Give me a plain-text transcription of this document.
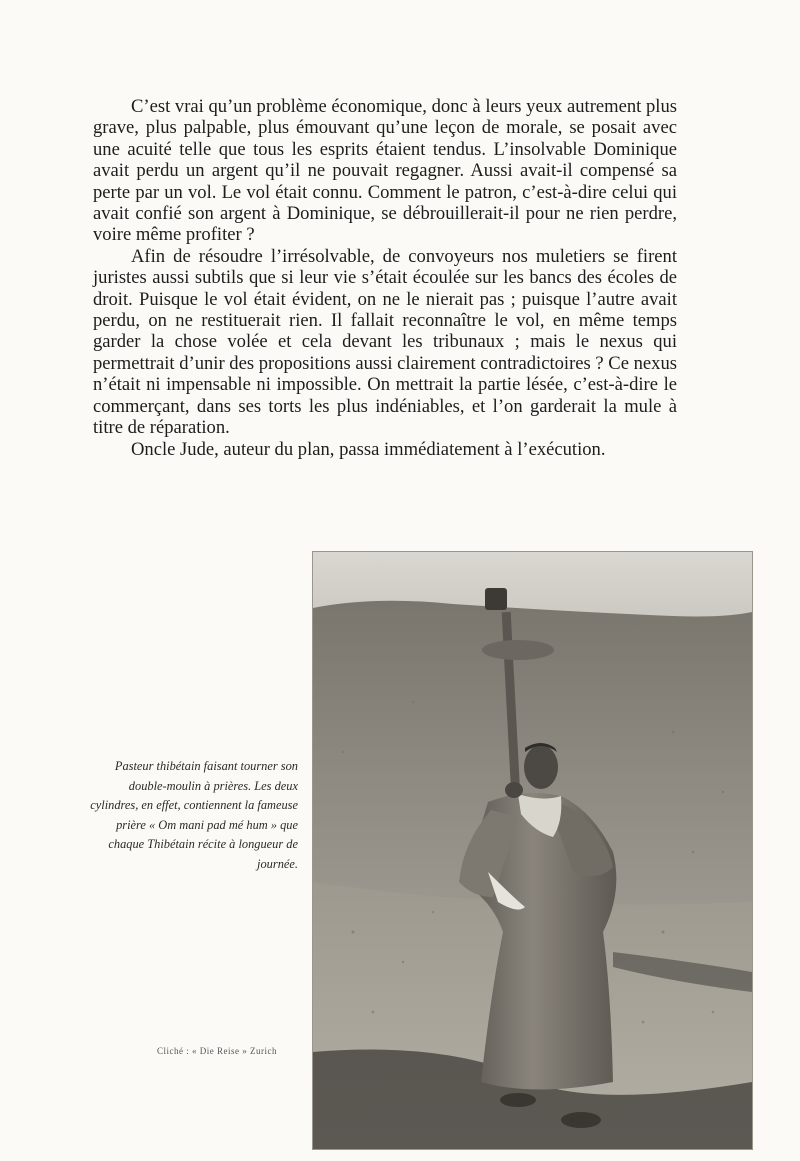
C’est vrai qu’un problème économique, donc à leurs yeux autrement plus grave, plus palpable, plus émouvant qu’une leçon de morale, se posait avec une acuité telle que tous les esprits étaient tendus. L’insolvable Dominique avait perdu un argent qu’il ne pouvait regagner. Aussi avait-il compensé sa perte par un vol. Le vol était connu. Comment le patron, c’est-à-dire celui qui avait confié son argent à Dominique, se débrouillerait-il pour ne rien perdre, voire même profiter ?

Afin de résoudre l’irrésolvable, de convoyeurs nos muletiers se firent juristes aussi subtils que si leur vie s’était écoulée sur les bancs des écoles de droit. Puisque le vol était évident, on ne le nierait pas ; puisque l’autre avait perdu, on ne restituerait rien. Il fallait reconnaître le vol, en même temps garder la chose volée et cela devant les tribunaux ; mais le nexus qui permettrait d’unir des propositions aussi clairement contradictoires ? Ce nexus n’était ni impensable ni impossible. On mettrait la partie lésée, c’est-à-dire le commerçant, dans ses torts les plus indéniables, et l’on garderait la mule à titre de réparation.

Oncle Jude, auteur du plan, passa immédiatement à l’exécution.

Pasteur thibétain faisant tourner son double-moulin à prières. Les deux cylindres, en effet, contiennent la fameuse prière « Om mani pad mé hum » que chaque Thibétain récite à longueur de journée.
Cliché : « Die Reise » Zurich
